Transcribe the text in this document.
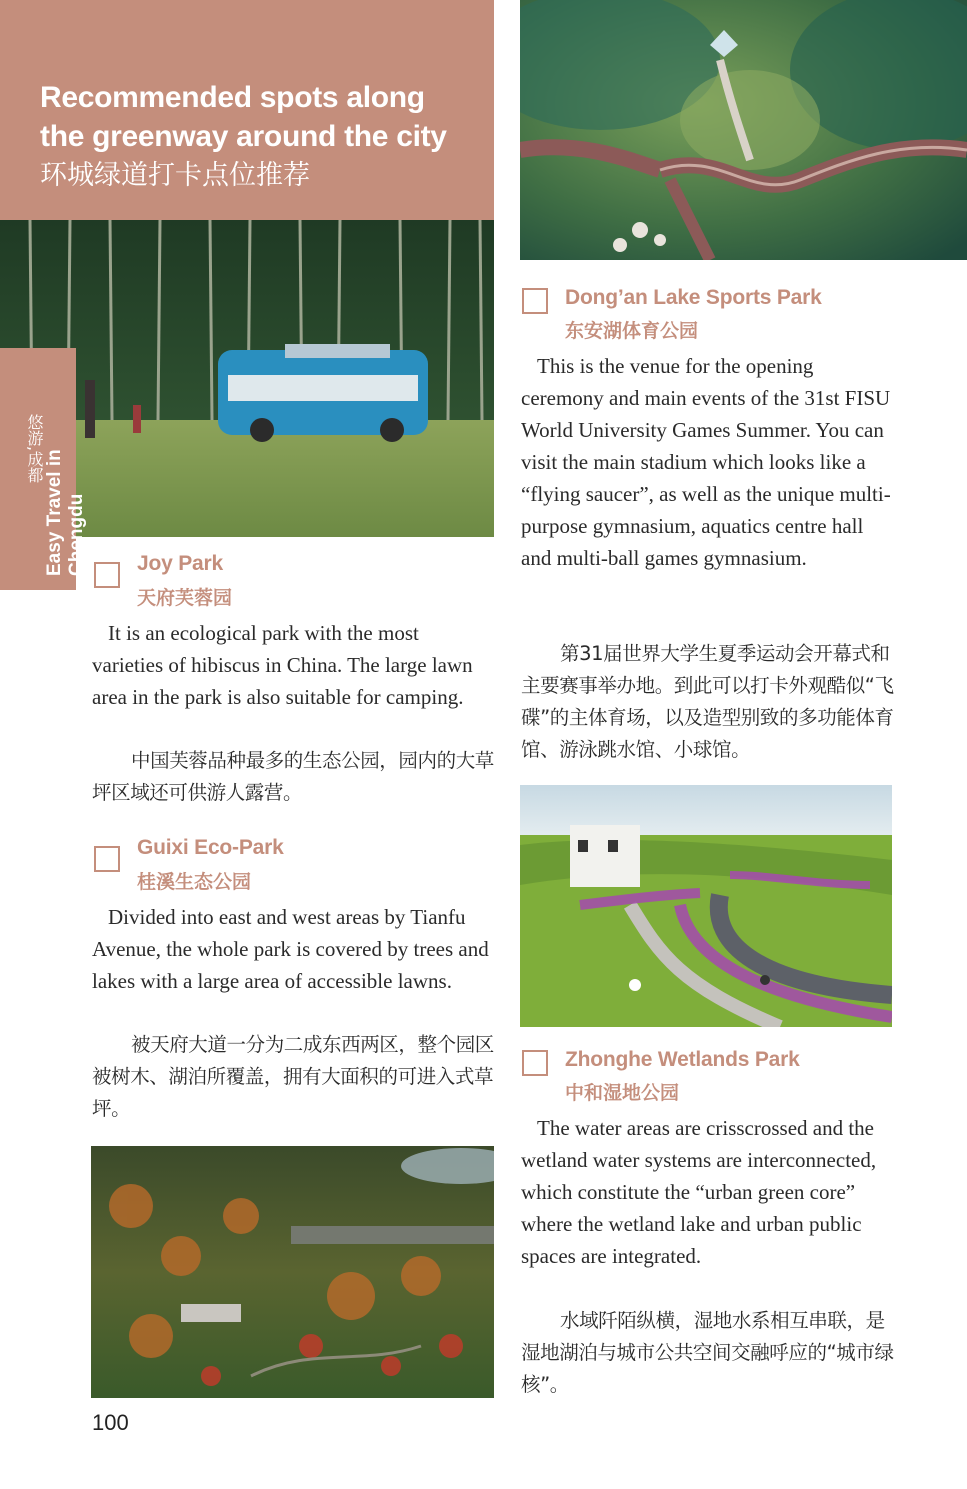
Recommended spots along the greenway around the city
环城绿道打卡点位推荐
悠游,成都
Easy Travel in Chengdu Joy Park
天府芙蓉园
It is an ecological park with the most varieties of hibiscus in China. The large lawn area in the park is also suitable for camping.
中国芙蓉品种最多的生态公园，园内的大草坪区域还可供游人露营。
Guixi Eco-Park
桂溪生态公园
Divided into east and west areas by Tianfu Avenue, the whole park is covered by trees and lakes with a large area of accessible lawns.
被天府大道一分为二成东西两区，整个园区被树木、湖泊所覆盖，拥有大面积的可进入式草坪。
Dong’an Lake Sports Park
东安湖体育公园
This is the venue for the opening ceremony and main events of the 31st FISU World University Games Summer. You can visit the main stadium which looks like a “flying saucer”, as well as the unique multi-purpose gymnasium, aquatics centre hall and multi-ball games gymnasium.
第31届世界大学生夏季运动会开幕式和主要赛事举办地。到此可以打卡外观酷似“飞碟”的主体育场，以及造型别致的多功能体育馆、游泳跳水馆、小球馆。
Zhonghe Wetlands Park
中和湿地公园
The water areas are crisscrossed and the wetland water systems are interconnected, which constitute the “urban green core” where the wetland lake and urban public spaces are integrated.
水域阡陌纵横，湿地水系相互串联，是湿地湖泊与城市公共空间交融呼应的“城市绿核”。
100
